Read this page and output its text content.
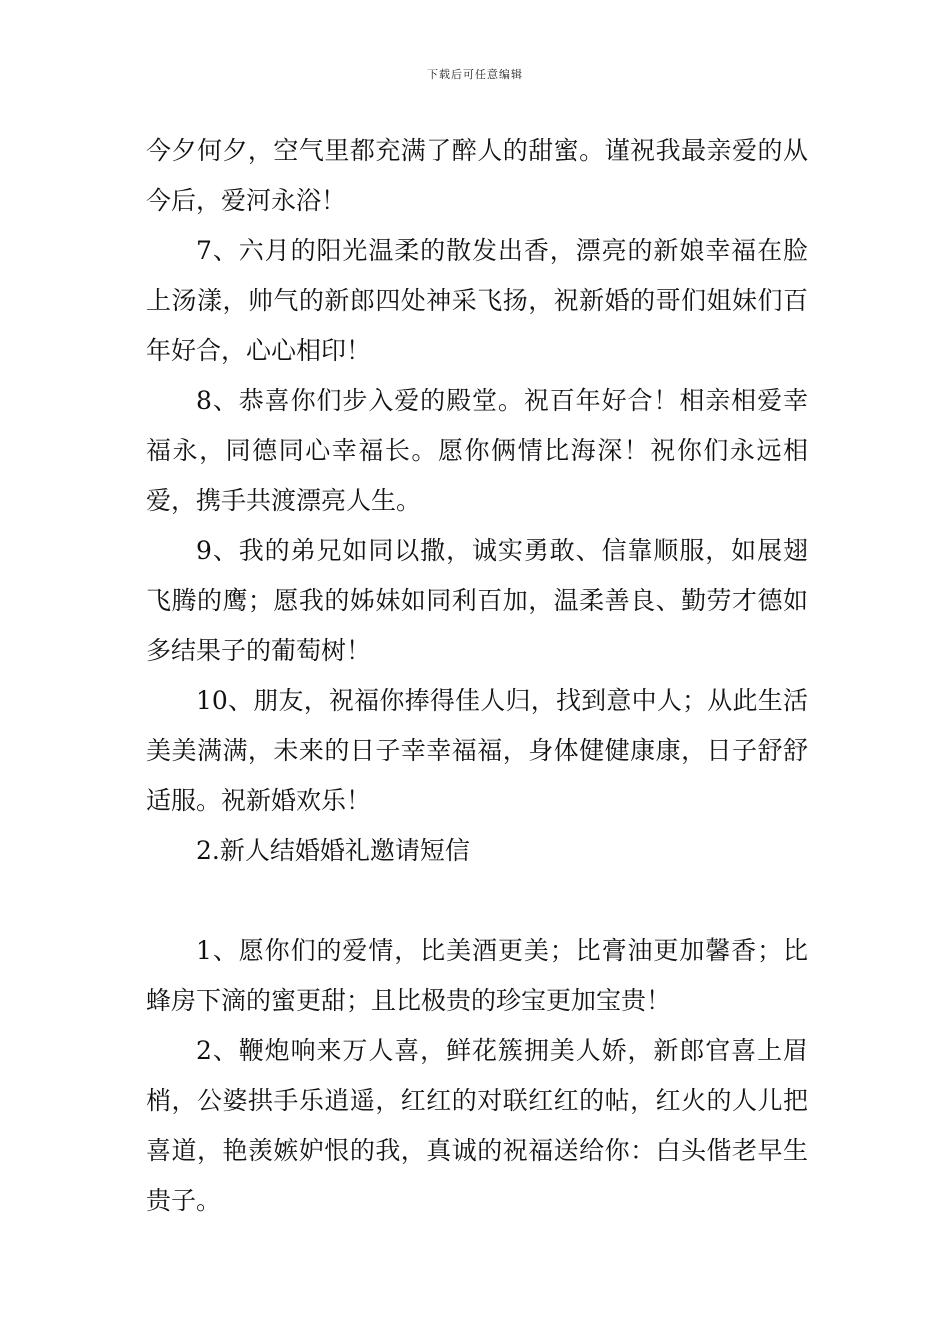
下载后可任意编辑

今夕何夕，空气里都充满了醉人的甜蜜。谨祝我最亲爱的从今后，爱河永浴！

7、六月的阳光温柔的散发出香，漂亮的新娘幸福在脸上汤漾，帅气的新郎四处神采飞扬，祝新婚的哥们姐妹们百年好合，心心相印！

8、恭喜你们步入爱的殿堂。祝百年好合！相亲相爱幸福永，同德同心幸福长。愿你俩情比海深！祝你们永远相爱，携手共渡漂亮人生。

9、我的弟兄如同以撒，诚实勇敢、信靠顺服，如展翅飞腾的鹰；愿我的姊妹如同利百加，温柔善良、勤劳才德如多结果子的葡萄树！

10、朋友，祝福你捧得佳人归，找到意中人；从此生活美美满满，未来的日子幸幸福福，身体健健康康，日子舒舒适服。祝新婚欢乐！

2.新人结婚婚礼邀请短信

1、愿你们的爱情，比美酒更美；比膏油更加馨香；比蜂房下滴的蜜更甜；且比极贵的珍宝更加宝贵！

2、鞭炮响来万人喜，鲜花簇拥美人娇，新郎官喜上眉梢，公婆拱手乐逍遥，红红的对联红红的帖，红火的人儿把喜道，艳羡嫉妒恨的我，真诚的祝福送给你：白头偕老早生贵子。
